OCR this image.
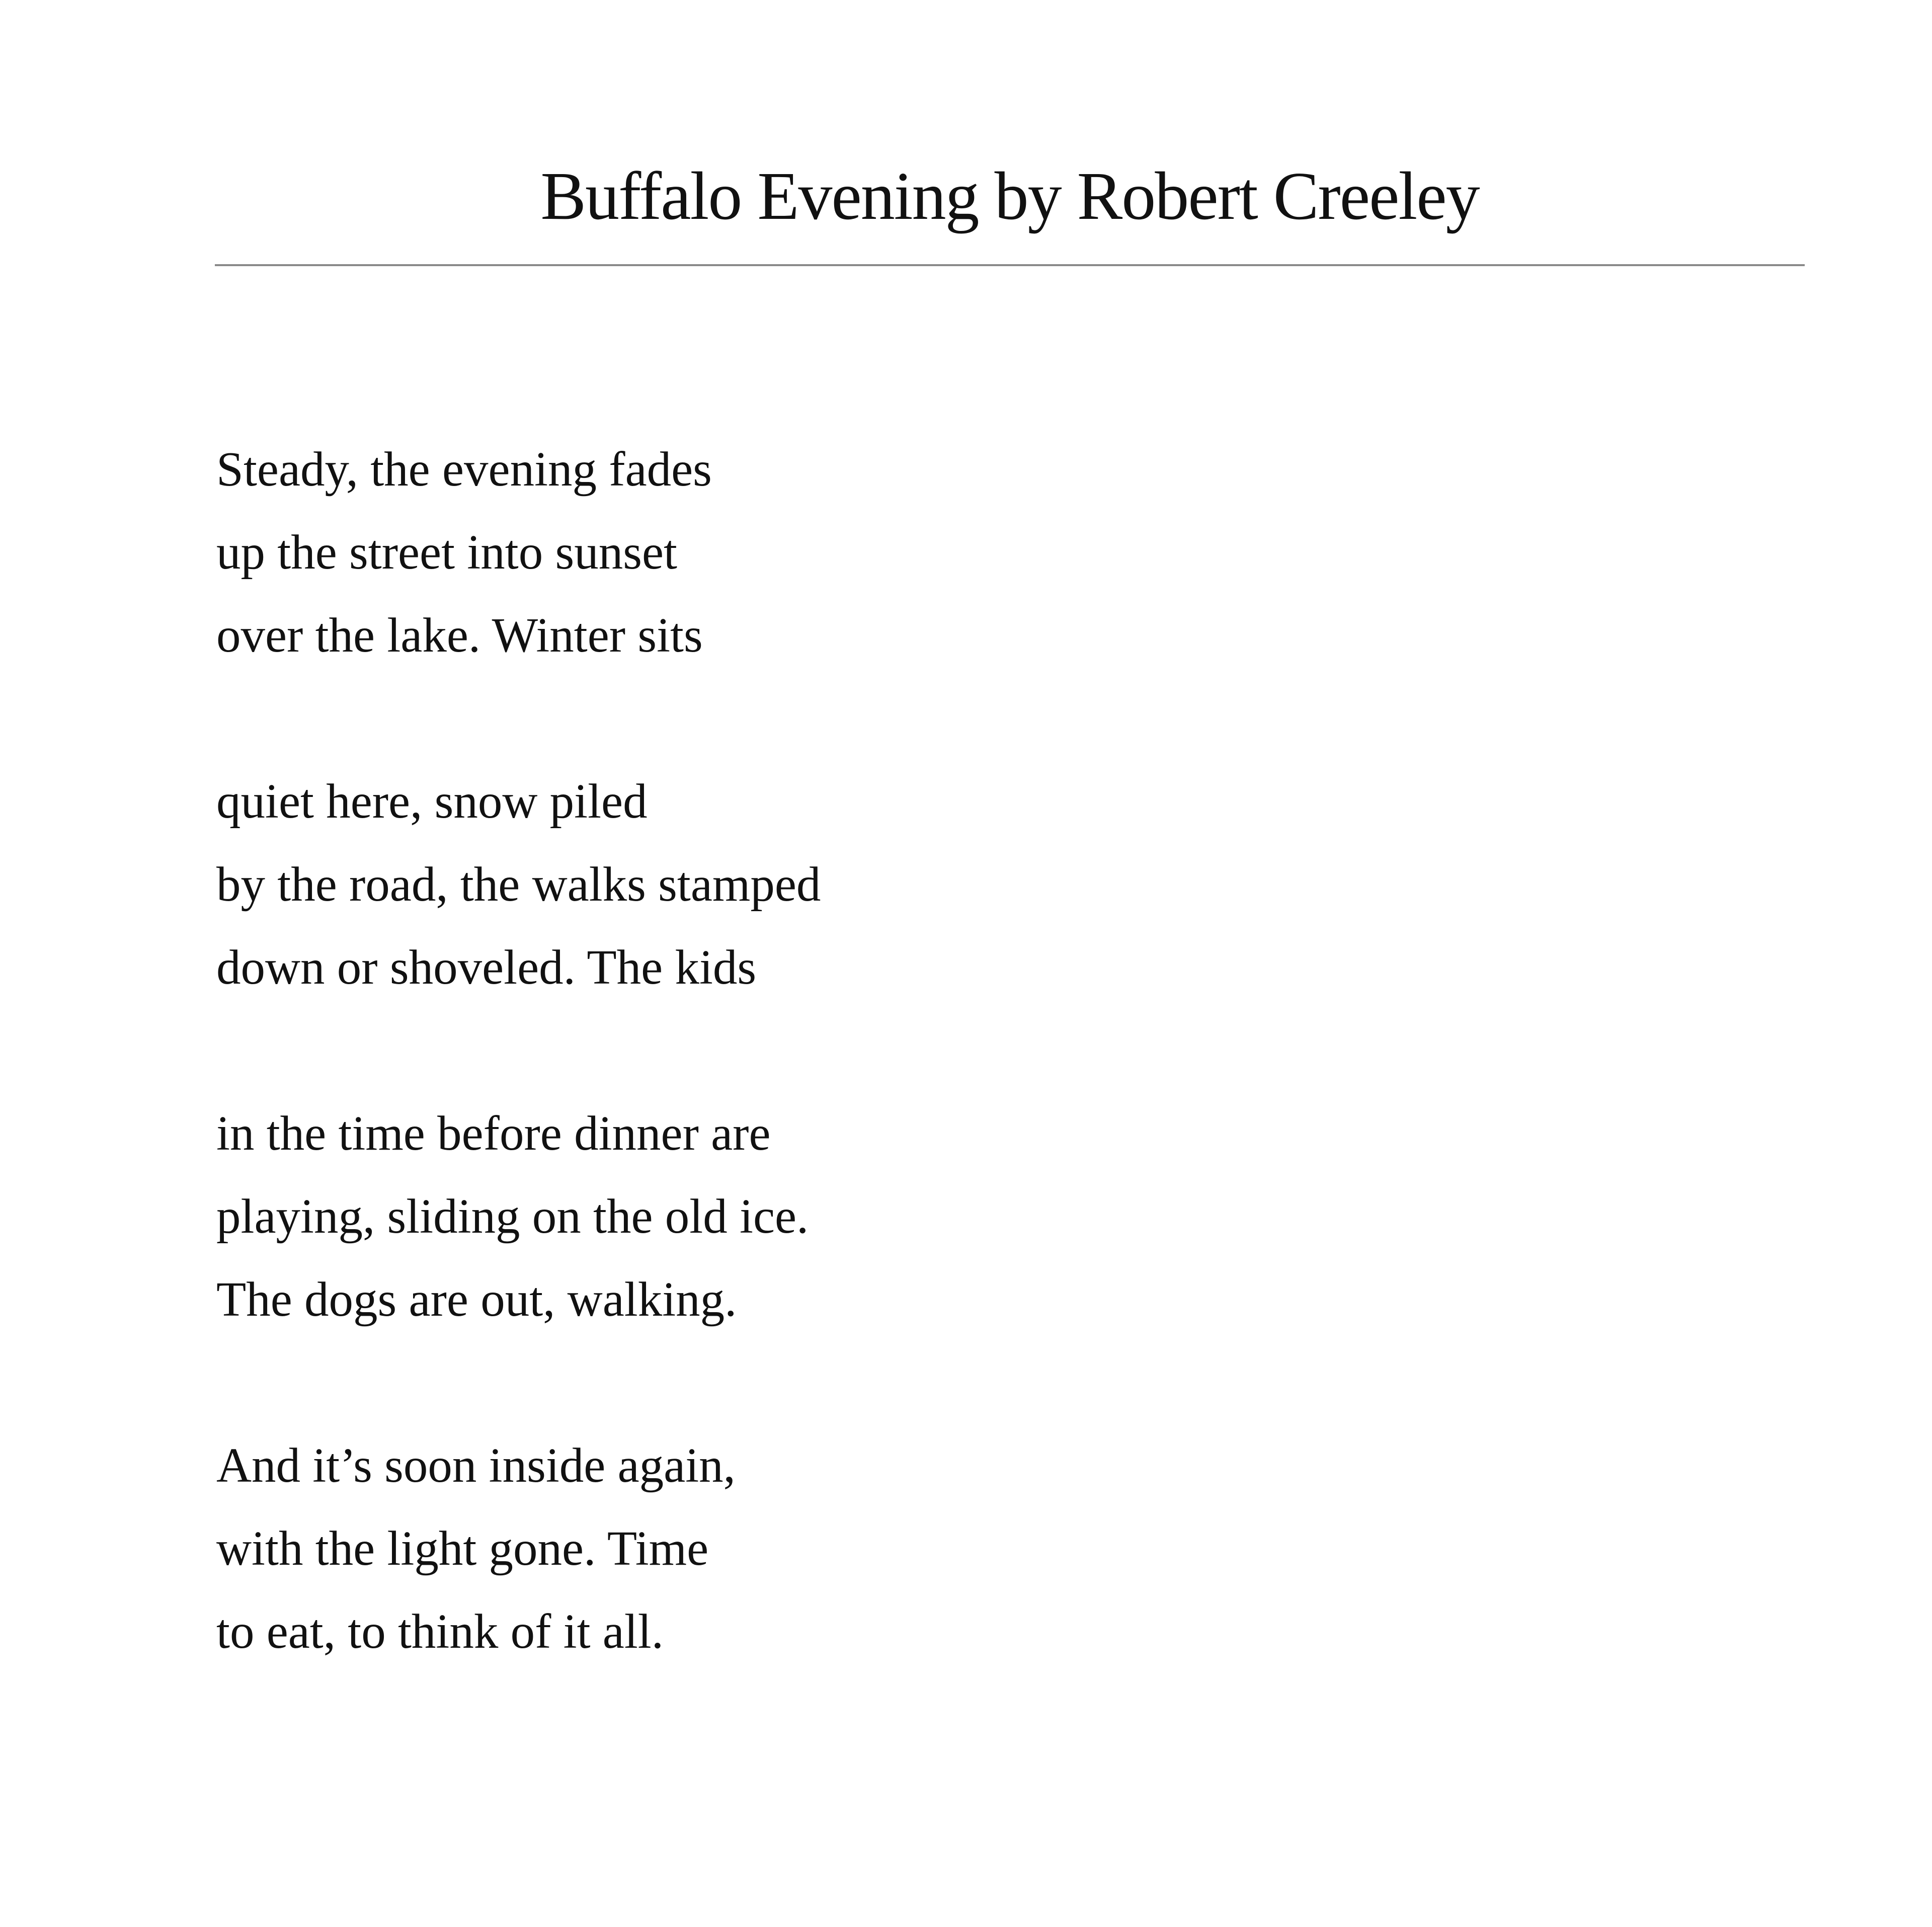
Buffalo Evening by Robert Creeley
Steady, the evening fades
up the street into sunset
over the lake. Winter sits
quiet here, snow piled
by the road, the walks stamped
down or shoveled. The kids
in the time before dinner are
playing, sliding on the old ice.
The dogs are out, walking.
And it’s soon inside again,
with the light gone. Time
to eat, to think of it all.
